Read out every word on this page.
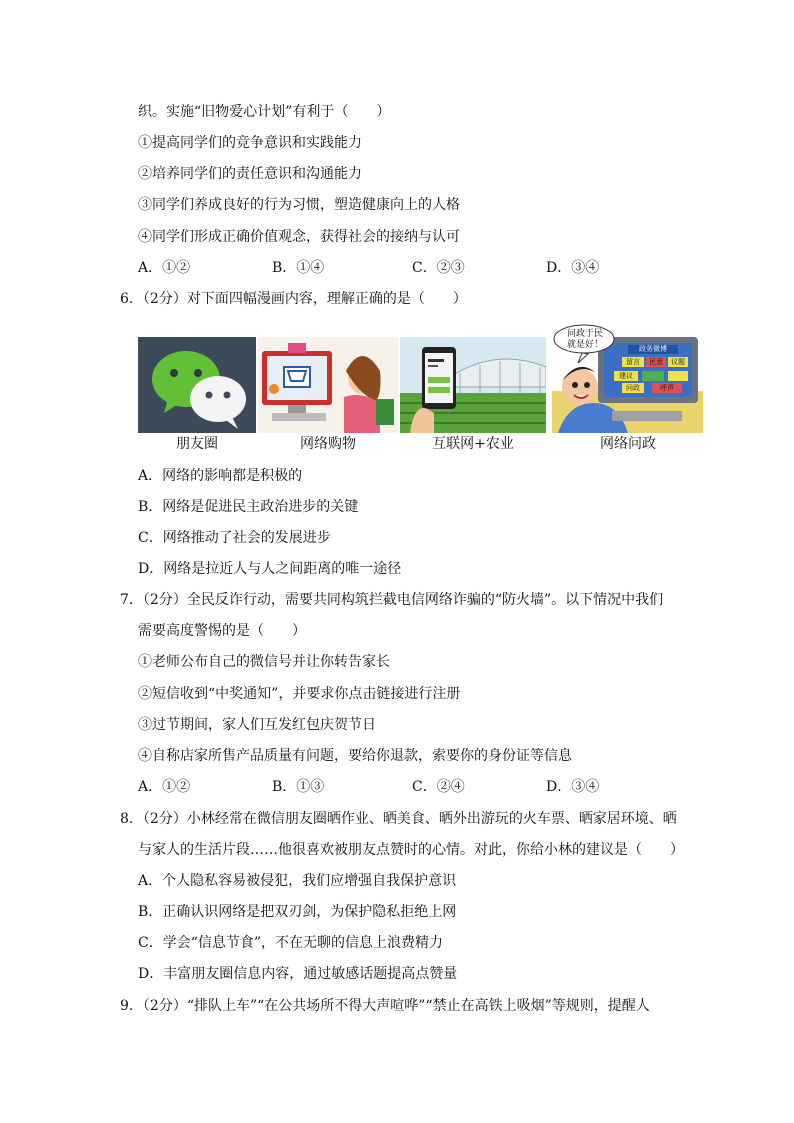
织。实施“旧物爱心计划”有利于（　　）
①提高同学们的竞争意识和实践能力
②培养同学们的责任意识和沟通能力
③同学们养成良好的行为习惯，塑造健康向上的人格
④同学们形成正确价值观念，获得社会的接纳与认可
A．①②	B．①④	C．②③	D．③④
6．（2分）对下面四幅漫画内容，理解正确的是（　　）
问政于民
就是好！	政务微博
留言	民意	议题
建议
问政	呼声
朋友圈	网络购物	互联网+农业	网络问政
A．网络的影响都是积极的
B．网络是促进民主政治进步的关键
C．网络推动了社会的发展进步
D．网络是拉近人与人之间距离的唯一途径
7．（2分）全民反诈行动，需要共同构筑拦截电信网络诈骗的“防火墙”。以下情况中我们
需要高度警惕的是（　　）
①老师公布自己的微信号并让你转告家长
②短信收到“中奖通知”，并要求你点击链接进行注册
③过节期间，家人们互发红包庆贺节日
④自称店家所售产品质量有问题，要给你退款，索要你的身份证等信息
A．①②	B．①③	C．②④	D．③④
8．（2分）小林经常在微信朋友圈晒作业、晒美食、晒外出游玩的火车票、晒家居环境、晒
与家人的生活片段……他很喜欢被朋友点赞时的心情。对此，你给小林的建议是（　　）
A．个人隐私容易被侵犯，我们应增强自我保护意识
B．正确认识网络是把双刃剑，为保护隐私拒绝上网
C．学会“信息节食”，不在无聊的信息上浪费精力
D．丰富朋友圈信息内容，通过敏感话题提高点赞量
9．（2分）“排队上车”“在公共场所不得大声喧哗”“禁止在高铁上吸烟”等规则，提醒人
